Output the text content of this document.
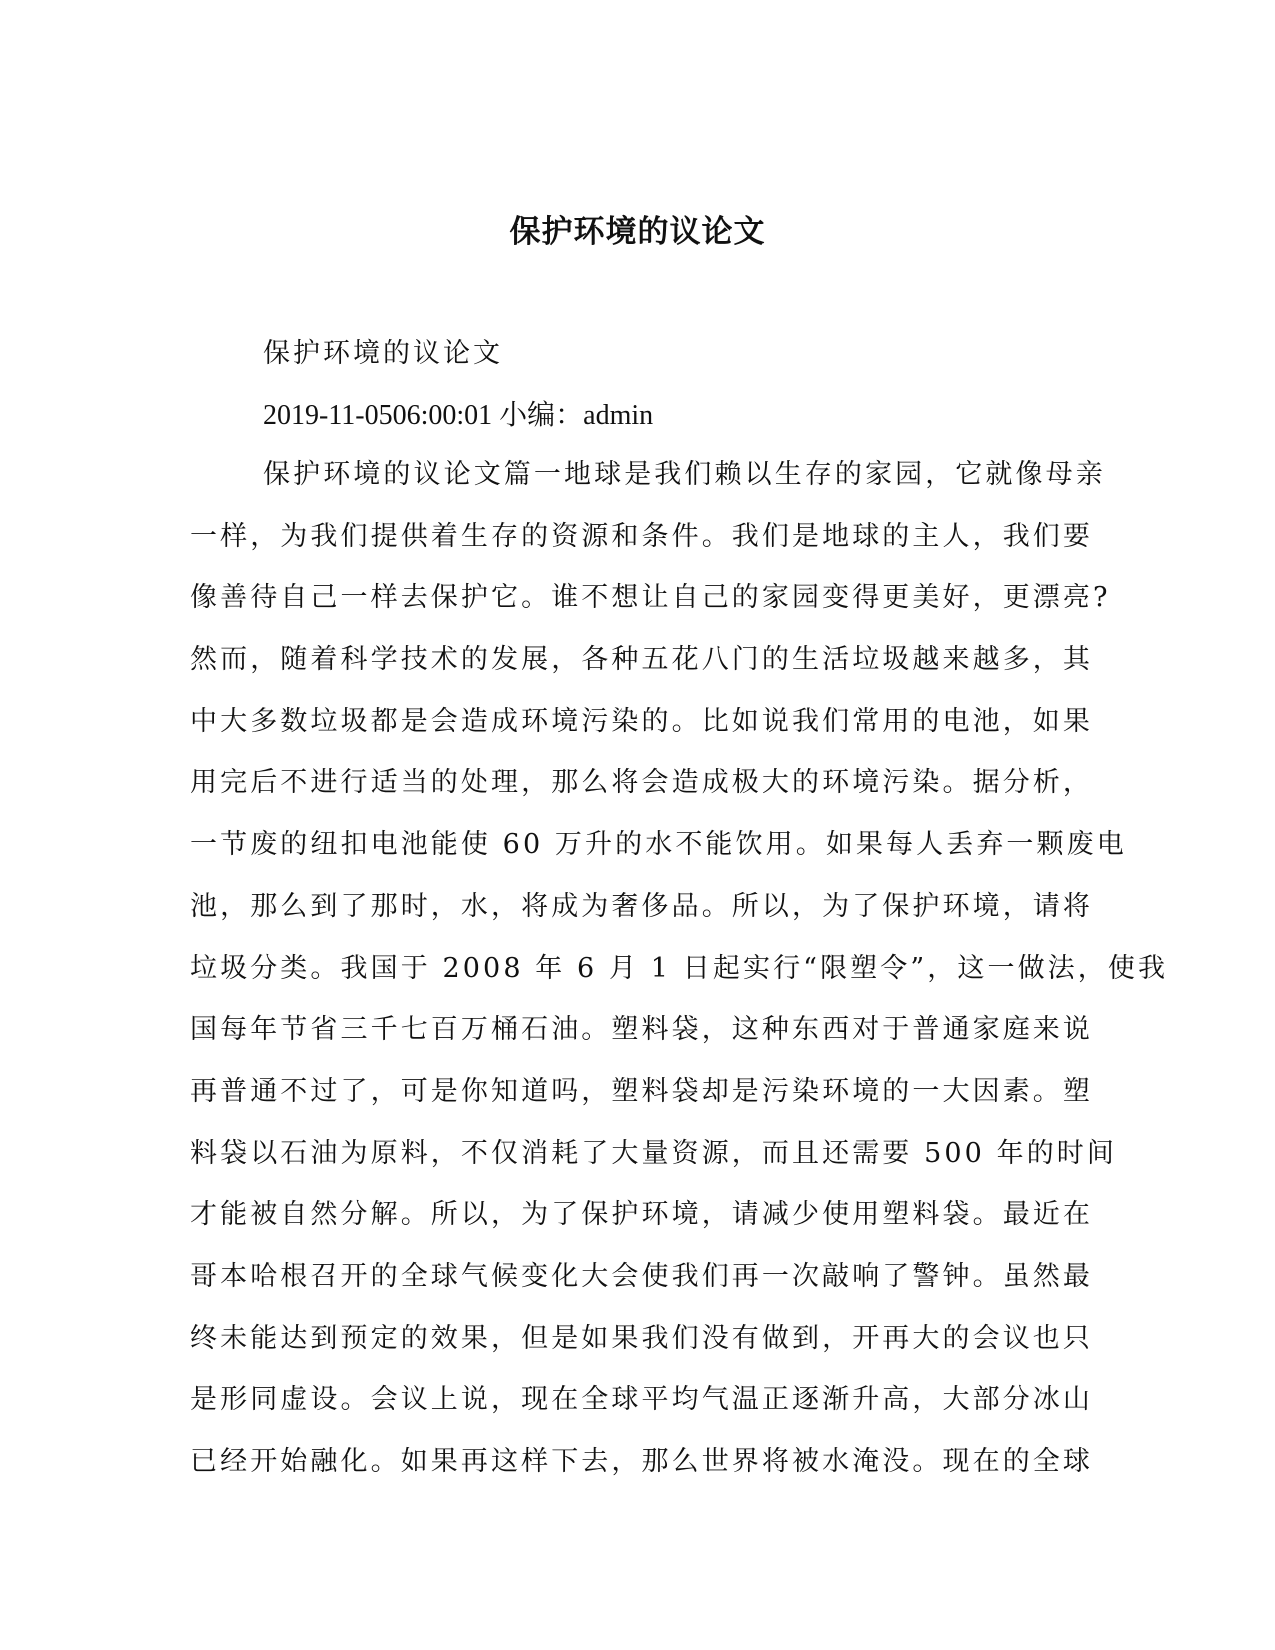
保护环境的议论文

保护环境的议论文

2019-11-0506:00:01 小编：admin

保护环境的议论文篇一地球是我们赖以生存的家园，它就像母亲
一样，为我们提供着生存的资源和条件。我们是地球的主人，我们要
像善待自己一样去保护它。谁不想让自己的家园变得更美好，更漂亮?
然而，随着科学技术的发展，各种五花八门的生活垃圾越来越多，其
中大多数垃圾都是会造成环境污染的。比如说我们常用的电池，如果
用完后不进行适当的处理，那么将会造成极大的环境污染。据分析，
一节废的纽扣电池能使 60 万升的水不能饮用。如果每人丢弃一颗废电
池，那么到了那时，水，将成为奢侈品。所以，为了保护环境，请将
垃圾分类。我国于 2008 年 6 月 1 日起实行“限塑令”，这一做法，使我
国每年节省三千七百万桶石油。塑料袋，这种东西对于普通家庭来说
再普通不过了，可是你知道吗，塑料袋却是污染环境的一大因素。塑
料袋以石油为原料，不仅消耗了大量资源，而且还需要 500 年的时间
才能被自然分解。所以，为了保护环境，请减少使用塑料袋。最近在
哥本哈根召开的全球气候变化大会使我们再一次敲响了警钟。虽然最
终未能达到预定的效果，但是如果我们没有做到，开再大的会议也只
是形同虚设。会议上说，现在全球平均气温正逐渐升高，大部分冰山
已经开始融化。如果再这样下去，那么世界将被水淹没。现在的全球
